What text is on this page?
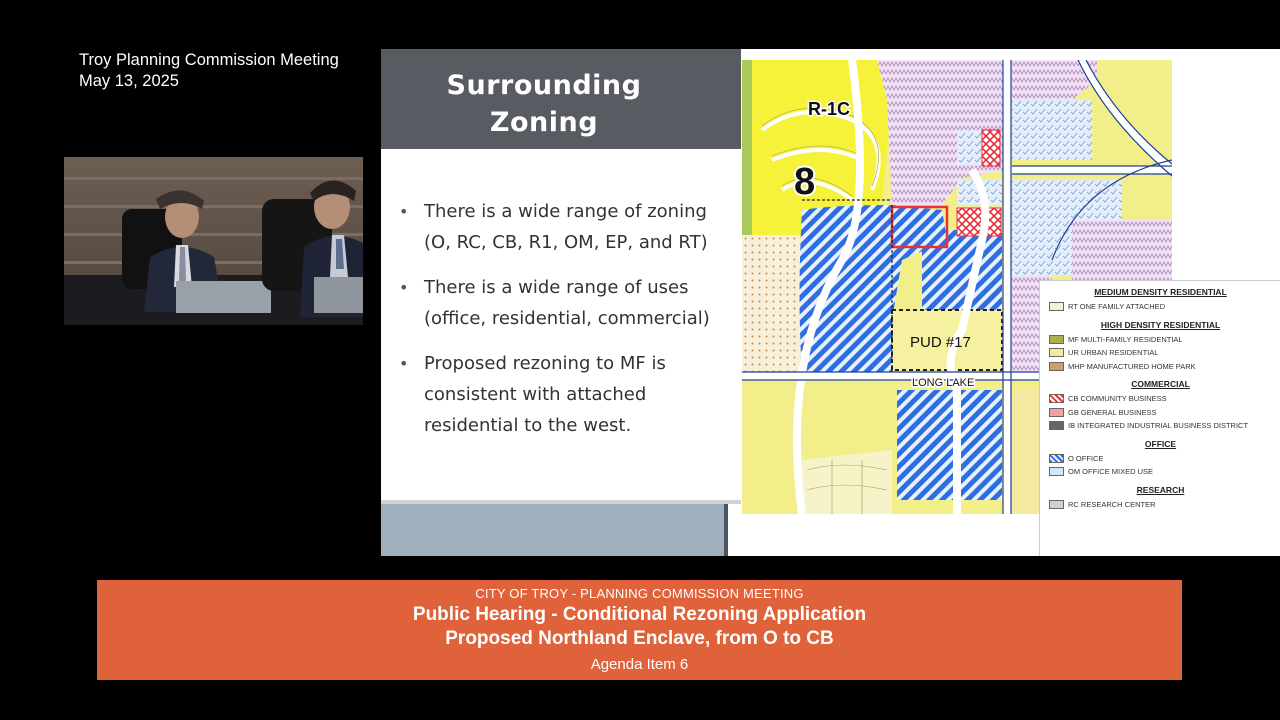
Troy Planning Commission Meeting
May 13, 2025	Surrounding
Zoning
• There is a wide range of zoning (O, RC, CB, R1, OM, EP, and RT)
• There is a wide range of uses (office, residential, commercial)
• Proposed rezoning to MF is consistent with attached residential to the west.
R-1C
8
PUD #17
LONG LAKE
MEDIUM DENSITY RESIDENTIAL
RT ONE FAMILY ATTACHED
HIGH DENSITY RESIDENTIAL
MF MULTI-FAMILY RESIDENTIAL
UR URBAN RESIDENTIAL
MHP MANUFACTURED HOME PARK
COMMERCIAL
CB COMMUNITY BUSINESS
GB GENERAL BUSINESS
IB INTEGRATED INDUSTRIAL BUSINESS DISTRICT
OFFICE
O OFFICE
OM OFFICE MIXED USE
RESEARCH
RC RESEARCH CENTER
CITY OF TROY - PLANNING COMMISSION MEETING
Public Hearing - Conditional Rezoning Application
Proposed Northland Enclave, from O to CB
Agenda Item 6
